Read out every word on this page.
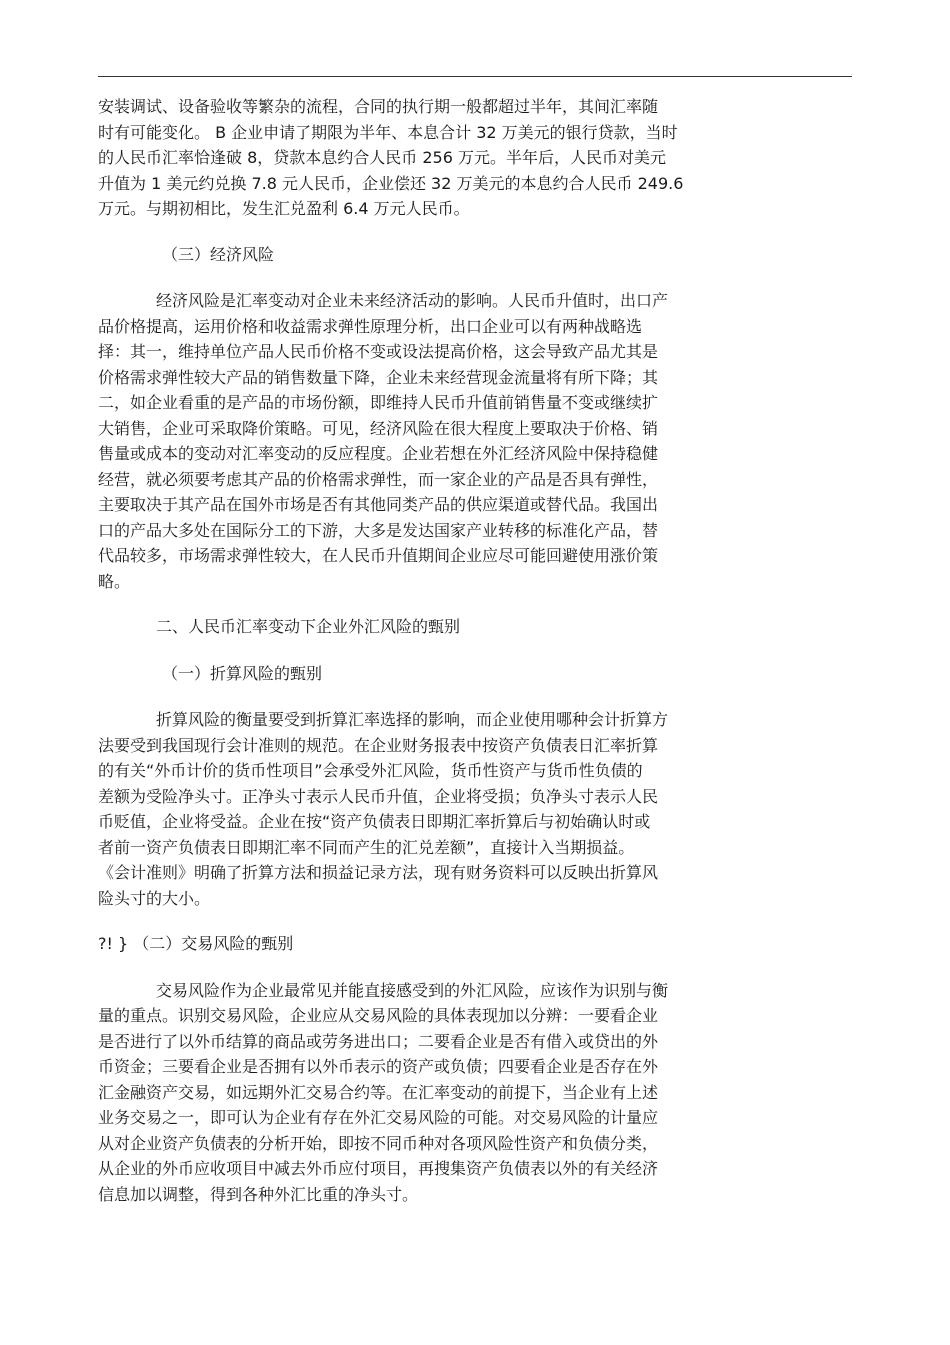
安装调试、设备验收等繁杂的流程，合同的执行期一般都超过半年，其间汇率随
时有可能变化。 B 企业申请了期限为半年、本息合计 32 万美元的银行贷款，当时
的人民币汇率恰逢破 8，贷款本息约合人民币 256 万元。半年后，人民币对美元
升值为 1 美元约兑换 7.8 元人民币，企业偿还 32 万美元的本息约合人民币 249.6
万元。与期初相比，发生汇兑盈利 6.4 万元人民币。
（三）经济风险
经济风险是汇率变动对企业未来经济活动的影响。人民币升值时，出口产
品价格提高，运用价格和收益需求弹性原理分析，出口企业可以有两种战略选
择：其一，维持单位产品人民币价格不变或设法提高价格，这会导致产品尤其是
价格需求弹性较大产品的销售数量下降，企业未来经营现金流量将有所下降；其
二，如企业看重的是产品的市场份额，即维持人民币升值前销售量不变或继续扩
大销售，企业可采取降价策略。可见，经济风险在很大程度上要取决于价格、销
售量或成本的变动对汇率变动的反应程度。企业若想在外汇经济风险中保持稳健
经营，就必须要考虑其产品的价格需求弹性，而一家企业的产品是否具有弹性，
主要取决于其产品在国外市场是否有其他同类产品的供应渠道或替代品。我国出
口的产品大多处在国际分工的下游，大多是发达国家产业转移的标准化产品，替
代品较多，市场需求弹性较大，在人民币升值期间企业应尽可能回避使用涨价策
略。
二、人民币汇率变动下企业外汇风险的甄别
（一）折算风险的甄别
折算风险的衡量要受到折算汇率选择的影响，而企业使用哪种会计折算方
法要受到我国现行会计准则的规范。在企业财务报表中按资产负债表日汇率折算
的有关“外币计价的货币性项目”会承受外汇风险，货币性资产与货币性负债的
差额为受险净头寸。正净头寸表示人民币升值，企业将受损；负净头寸表示人民
币贬值，企业将受益。企业在按“资产负债表日即期汇率折算后与初始确认时或
者前一资产负债表日即期汇率不同而产生的汇兑差额”，直接计入当期损益。
《会计准则》明确了折算方法和损益记录方法，现有财务资料可以反映出折算风
险头寸的大小。
?! } （二）交易风险的甄别
交易风险作为企业最常见并能直接感受到的外汇风险，应该作为识别与衡
量的重点。识别交易风险，企业应从交易风险的具体表现加以分辨：一要看企业
是否进行了以外币结算的商品或劳务进出口；二要看企业是否有借入或贷出的外
币资金；三要看企业是否拥有以外币表示的资产或负债；四要看企业是否存在外
汇金融资产交易，如远期外汇交易合约等。在汇率变动的前提下，当企业有上述
业务交易之一，即可认为企业有存在外汇交易风险的可能。对交易风险的计量应
从对企业资产负债表的分析开始，即按不同币种对各项风险性资产和负债分类，
从企业的外币应收项目中减去外币应付项目，再搜集资产负债表以外的有关经济
信息加以调整，得到各种外汇比重的净头寸。
